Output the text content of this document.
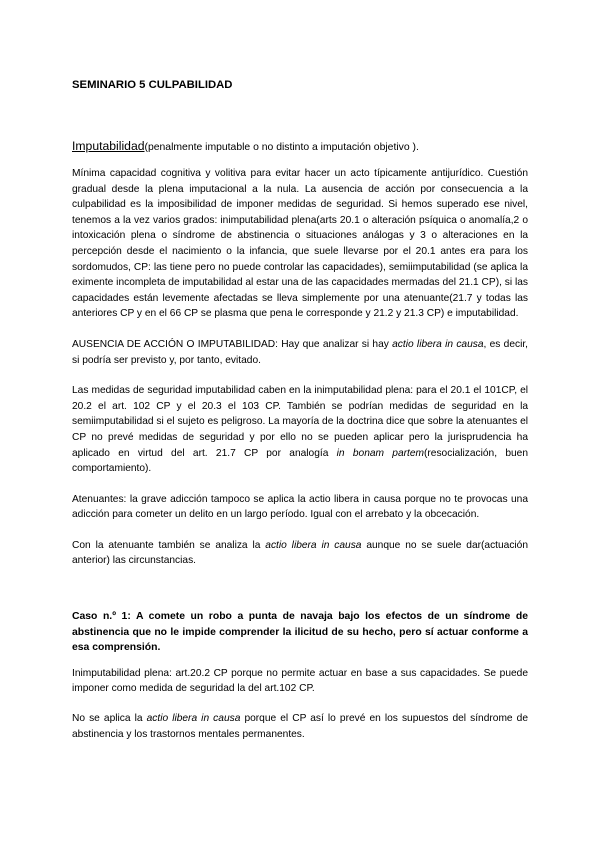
SEMINARIO 5 CULPABILIDAD
Imputabilidad(penalmente imputable o no distinto a imputación objetivo ).

Mínima capacidad cognitiva y volitiva para evitar hacer un acto típicamente antijurídico. Cuestión gradual desde la plena imputacional a la nula. La ausencia de acción por consecuencia a la culpabilidad es la imposibilidad de imponer medidas de seguridad. Si hemos superado ese nivel, tenemos a la vez varios grados: inimputabilidad plena(arts 20.1 o alteración psíquica o anomalía,2 o intoxicación plena o síndrome de abstinencia o situaciones análogas y 3 o alteraciones en la percepción desde el nacimiento o la infancia, que suele llevarse por el 20.1 antes era para los sordomudos, CP: las tiene pero no puede controlar las capacidades), semiimputabilidad (se aplica la eximente incompleta de imputabilidad al estar una de las capacidades mermadas del 21.1 CP), si las capacidades están levemente afectadas se lleva simplemente por una atenuante(21.7 y todas las anteriores CP y en el 66 CP se plasma que pena le corresponde y 21.2 y 21.3 CP) e imputabilidad.

AUSENCIA DE ACCIÓN O IMPUTABILIDAD: Hay que analizar si hay actio libera in causa, es decir, si podría ser previsto y, por tanto, evitado.

Las medidas de seguridad imputabilidad caben en la inimputabilidad plena: para el 20.1 el 101CP, el 20.2 el art. 102 CP y el 20.3 el 103 CP. También se podrían medidas de seguridad en la semiimputabilidad si el sujeto es peligroso. La mayoría de la doctrina dice que sobre la atenuantes el CP no prevé medidas de seguridad y por ello no se pueden aplicar pero la jurisprudencia ha aplicado en virtud del art. 21.7 CP por analogía in bonam partem(resocialización, buen comportamiento).

Atenuantes: la grave adicción tampoco se aplica la actio libera in causa porque no te provocas una adicción para cometer un delito en un largo período. Igual con el arrebato y la obcecación.

Con la atenuante también se analiza la actio libera in causa aunque no se suele dar(actuación anterior) las circunstancias.

Caso n.º 1: A comete un robo a punta de navaja bajo los efectos de un síndrome de abstinencia que no le impide comprender la ilicitud de su hecho, pero sí actuar conforme a esa comprensión.

Inimputabilidad plena: art.20.2 CP porque no permite actuar en base a sus capacidades. Se puede imponer como medida de seguridad la del art.102 CP.

No se aplica la actio libera in causa porque el CP así lo prevé en los supuestos del síndrome de abstinencia y los trastornos mentales permanentes.
